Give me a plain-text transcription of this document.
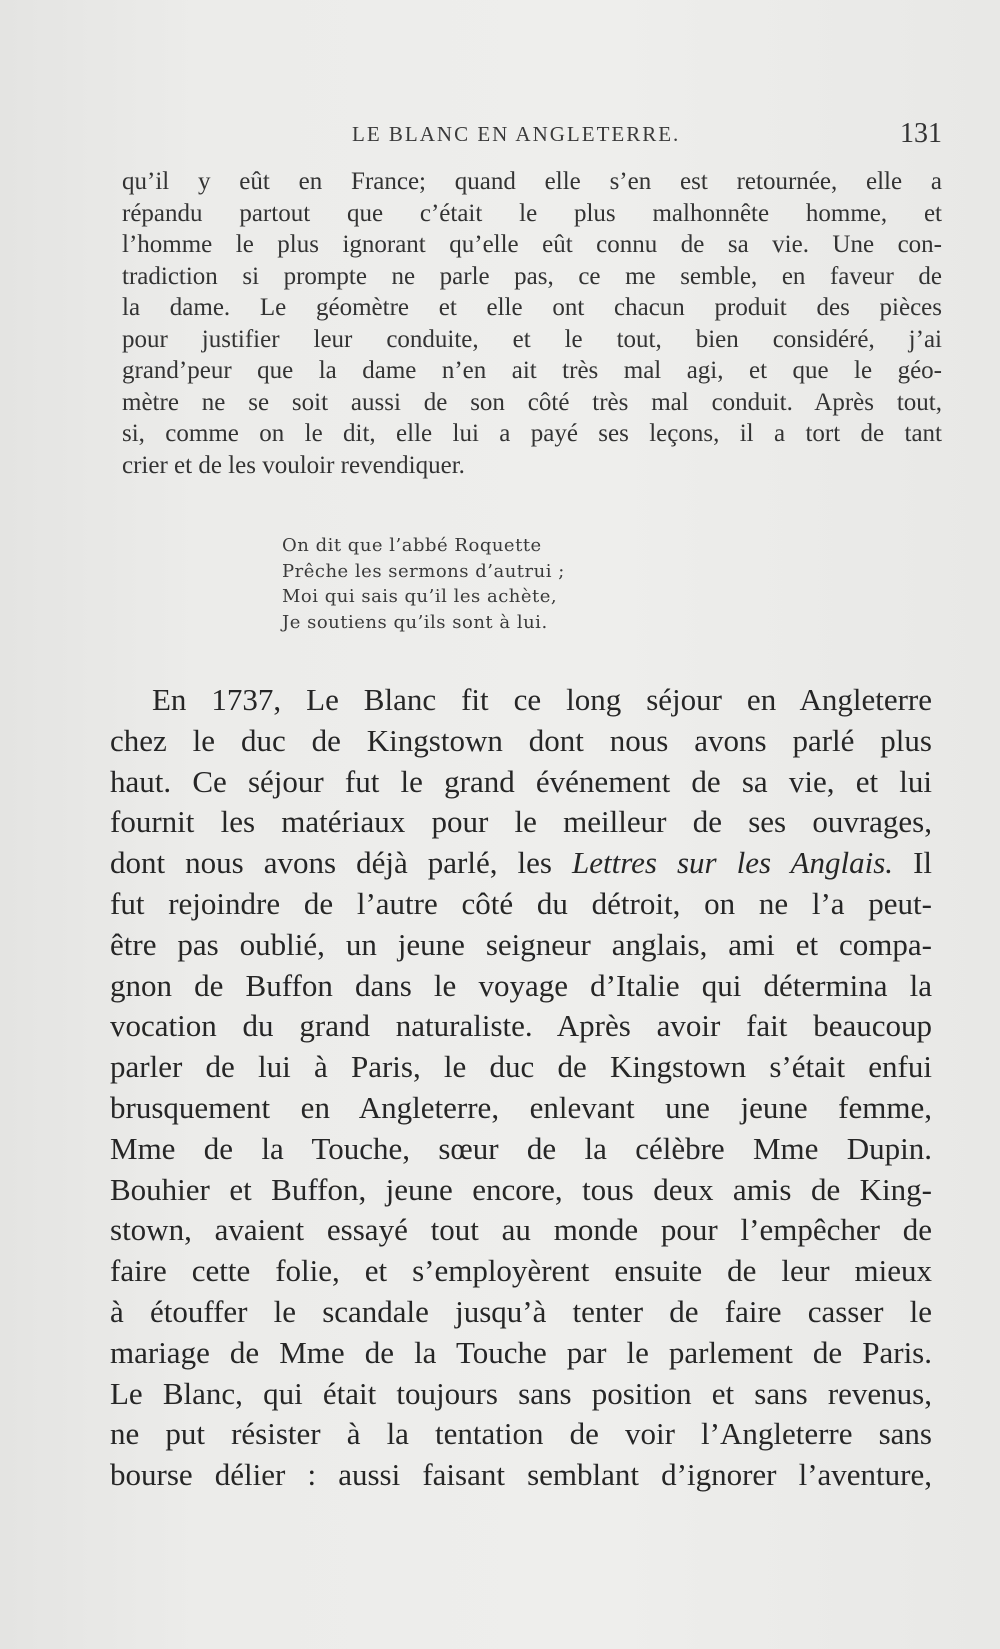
LE BLANC EN ANGLETERRE.	131
qu’il y eût en France; quand elle s’en est retournée, elle a
répandu partout que c’était le plus malhonnête homme, et
l’homme le plus ignorant qu’elle eût connu de sa vie. Une con-
tradiction si prompte ne parle pas, ce me semble, en faveur de
la dame. Le géomètre et elle ont chacun produit des pièces
pour justifier leur conduite, et le tout, bien considéré, j’ai
grand’peur que la dame n’en ait très mal agi, et que le géo-
mètre ne se soit aussi de son côté très mal conduit. Après tout,
si, comme on le dit, elle lui a payé ses leçons, il a tort de tant
crier et de les vouloir revendiquer.
On dit que l’abbé Roquette
Prêche les sermons d’autrui ;
Moi qui sais qu’il les achète,
Je soutiens qu’ils sont à lui.
En 1737, Le Blanc fit ce long séjour en Angleterre
chez le duc de Kingstown dont nous avons parlé plus
haut. Ce séjour fut le grand événement de sa vie, et lui
fournit les matériaux pour le meilleur de ses ouvrages,
dont nous avons déjà parlé, les Lettres sur les Anglais. Il
fut rejoindre de l’autre côté du détroit, on ne l’a peut-
être pas oublié, un jeune seigneur anglais, ami et compa-
gnon de Buffon dans le voyage d’Italie qui détermina la
vocation du grand naturaliste. Après avoir fait beaucoup
parler de lui à Paris, le duc de Kingstown s’était enfui
brusquement en Angleterre, enlevant une jeune femme,
Mme de la Touche, sœur de la célèbre Mme Dupin.
Bouhier et Buffon, jeune encore, tous deux amis de King-
stown, avaient essayé tout au monde pour l’empêcher de
faire cette folie, et s’employèrent ensuite de leur mieux
à étouffer le scandale jusqu’à tenter de faire casser le
mariage de Mme de la Touche par le parlement de Paris.
Le Blanc, qui était toujours sans position et sans revenus,
ne put résister à la tentation de voir l’Angleterre sans
bourse délier : aussi faisant semblant d’ignorer l’aventure,
